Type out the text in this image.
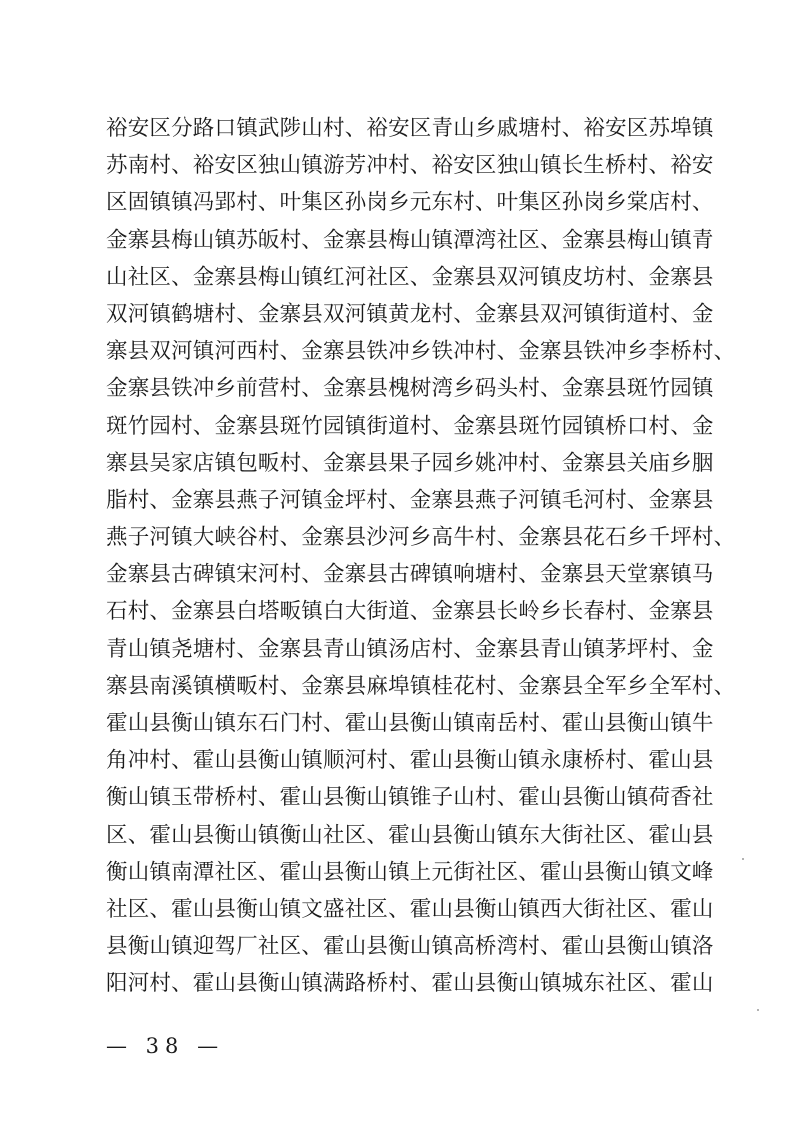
裕安区分路口镇武陟山村、裕安区青山乡戚塘村、裕安区苏埠镇
苏南村、裕安区独山镇游芳冲村、裕安区独山镇长生桥村、裕安
区固镇镇冯郢村、叶集区孙岗乡元东村、叶集区孙岗乡棠店村、
金寨县梅山镇苏皈村、金寨县梅山镇潭湾社区、金寨县梅山镇青
山社区、金寨县梅山镇红河社区、金寨县双河镇皮坊村、金寨县
双河镇鹤塘村、金寨县双河镇黄龙村、金寨县双河镇街道村、金
寨县双河镇河西村、金寨县铁冲乡铁冲村、金寨县铁冲乡李桥村、
金寨县铁冲乡前营村、金寨县槐树湾乡码头村、金寨县斑竹园镇
斑竹园村、金寨县斑竹园镇街道村、金寨县斑竹园镇桥口村、金
寨县吴家店镇包畈村、金寨县果子园乡姚冲村、金寨县关庙乡胭
脂村、金寨县燕子河镇金坪村、金寨县燕子河镇毛河村、金寨县
燕子河镇大峡谷村、金寨县沙河乡高牛村、金寨县花石乡千坪村、
金寨县古碑镇宋河村、金寨县古碑镇响塘村、金寨县天堂寨镇马
石村、金寨县白塔畈镇白大街道、金寨县长岭乡长春村、金寨县
青山镇尧塘村、金寨县青山镇汤店村、金寨县青山镇茅坪村、金
寨县南溪镇横畈村、金寨县麻埠镇桂花村、金寨县全军乡全军村、
霍山县衡山镇东石门村、霍山县衡山镇南岳村、霍山县衡山镇牛
角冲村、霍山县衡山镇顺河村、霍山县衡山镇永康桥村、霍山县
衡山镇玉带桥村、霍山县衡山镇锥子山村、霍山县衡山镇荷香社
区、霍山县衡山镇衡山社区、霍山县衡山镇东大街社区、霍山县
衡山镇南潭社区、霍山县衡山镇上元街社区、霍山县衡山镇文峰
社区、霍山县衡山镇文盛社区、霍山县衡山镇西大街社区、霍山
县衡山镇迎驾厂社区、霍山县衡山镇高桥湾村、霍山县衡山镇洛
阳河村、霍山县衡山镇满路桥村、霍山县衡山镇城东社区、霍山
— 38 —
